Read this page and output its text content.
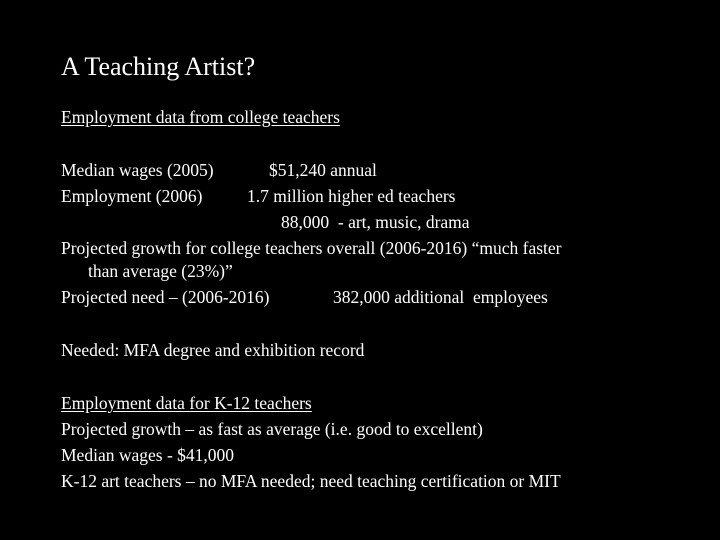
A Teaching Artist?
Employment data from college teachers
Median wages (2005)	$51,240 annual
Employment (2006)	1.7 million higher ed teachers
88,000  - art, music, drama
Projected growth for college teachers overall (2006-2016) “much faster
than average (23%)”
Projected need – (2006-2016)	382,000 additional  employees
Needed: MFA degree and exhibition record
Employment data for K-12 teachers
Projected growth – as fast as average (i.e. good to excellent)
Median wages - $41,000
K-12 art teachers – no MFA needed; need teaching certification or MIT
